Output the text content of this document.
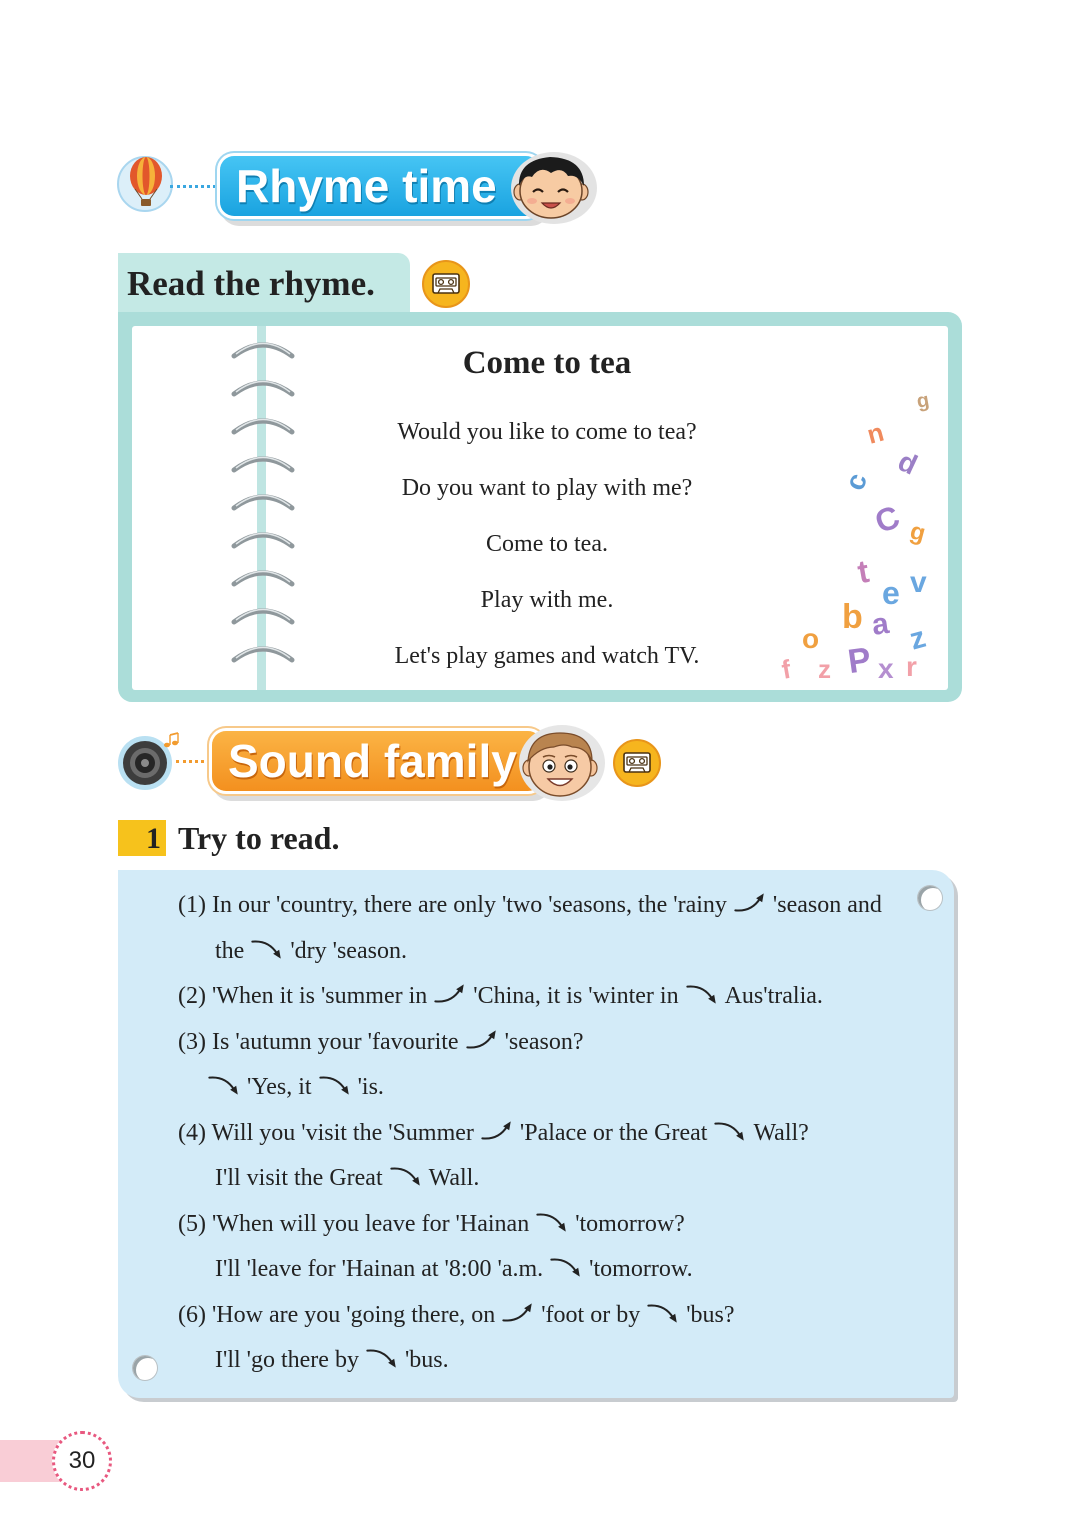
Rhyme time
Read the rhyme.
Come to tea
Would you like to come to tea?
Do you want to play with me?
Come to tea.
Play with me.
Let's play games and watch TV.
g
n
d
c
C g
t
e v
b a z
o
f z P x r
Sound family
1 Try to read.
(1) In our 'country, there are only 'two 'seasons, the 'rainy 'season and
the 'dry 'season.
(2) 'When it is 'summer in 'China, it is 'winter in Aus'tralia.
(3) Is 'autumn your 'favourite 'season?
'Yes, it 'is.
(4) Will you 'visit the 'Summer 'Palace or the Great Wall?
I'll visit the Great Wall.
(5) 'When will you leave for 'Hainan 'tomorrow?
I'll 'leave for 'Hainan at '8:00 'a.m. 'tomorrow.
(6) 'How are you 'going there, on 'foot or by 'bus?
I'll 'go there by 'bus.
30
